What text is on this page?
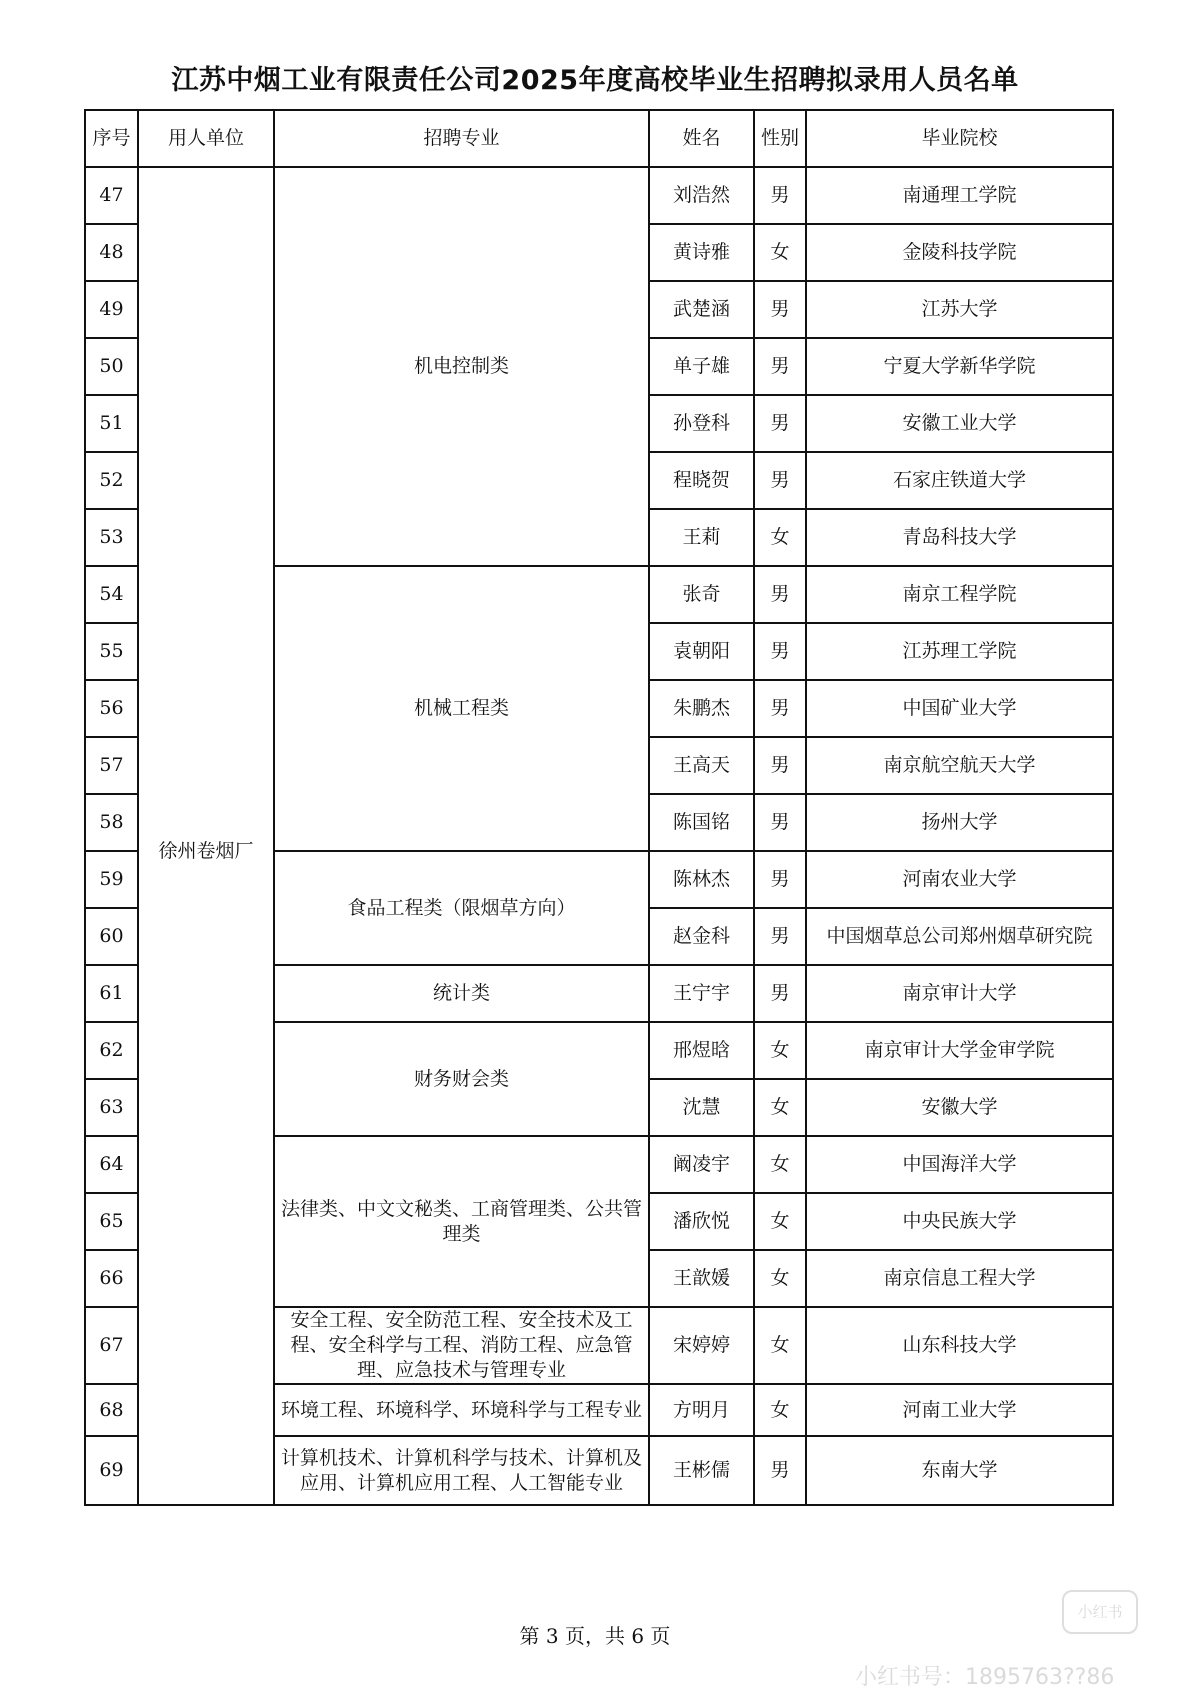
江苏中烟工业有限责任公司2025年度高校毕业生招聘拟录用人员名单
序号	用人单位	招聘专业	姓名	性别	毕业院校
47	徐州卷烟厂	机电控制类	刘浩然	男	南通理工学院
48			黄诗雅	女	金陵科技学院
49			武楚涵	男	江苏大学
50			单子雄	男	宁夏大学新华学院
51			孙登科	男	安徽工业大学
52			程晓贺	男	石家庄铁道大学
53			王莉	女	青岛科技大学
54		机械工程类	张奇	男	南京工程学院
55			袁朝阳	男	江苏理工学院
56			朱鹏杰	男	中国矿业大学
57			王高天	男	南京航空航天大学
58			陈国铭	男	扬州大学
59		食品工程类（限烟草方向）	陈林杰	男	河南农业大学
60			赵金科	男	中国烟草总公司郑州烟草研究院
61		统计类	王宁宇	男	南京审计大学
62		财务财会类	邢煜晗	女	南京审计大学金审学院
63			沈慧	女	安徽大学
64		法律类、中文文秘类、工商管理类、公共管理类	阚凌宇	女	中国海洋大学
65			潘欣悦	女	中央民族大学
66			王歆媛	女	南京信息工程大学
67		安全工程、安全防范工程、安全技术及工程、安全科学与工程、消防工程、应急管理、应急技术与管理专业	宋婷婷	女	山东科技大学
68		环境工程、环境科学、环境科学与工程专业	方明月	女	河南工业大学
69		计算机技术、计算机科学与技术、计算机及应用、计算机应用工程、人工智能专业	王彬儒	男	东南大学
第 3 页，共 6 页
小红书
小红书号：1895763??86
